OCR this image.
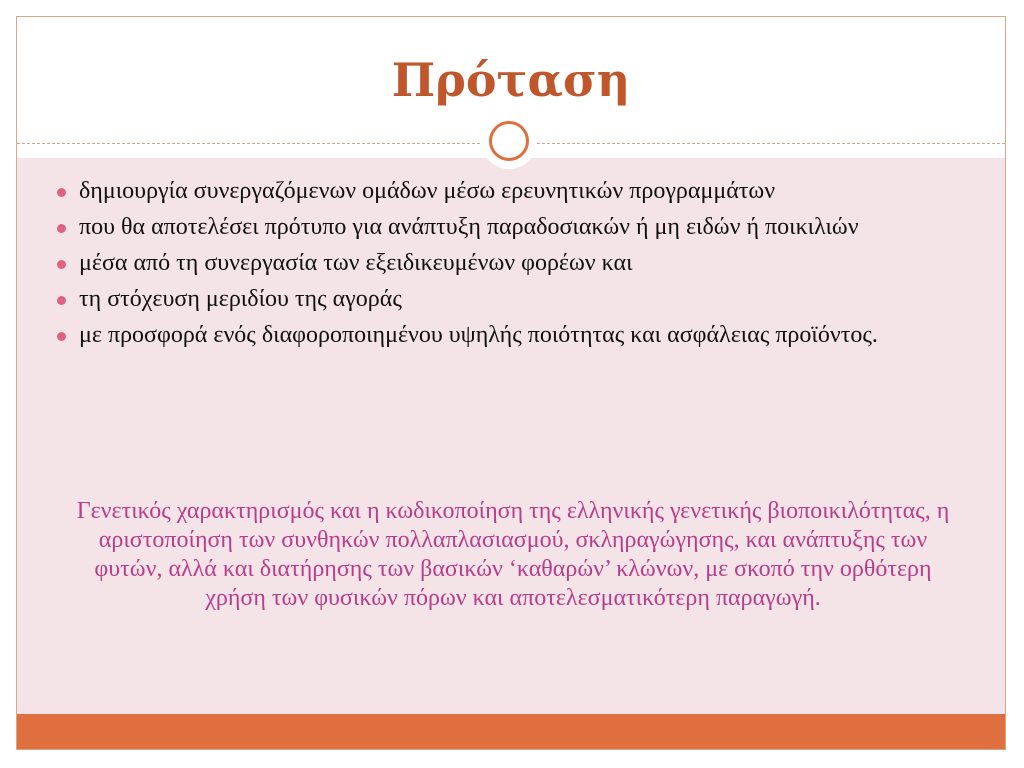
Πρόταση
δημιουργία συνεργαζόμενων ομάδων μέσω ερευνητικών προγραμμάτων
που θα αποτελέσει πρότυπο για ανάπτυξη παραδοσιακών ή μη ειδών ή ποικιλιών
μέσα από τη συνεργασία των εξειδικευμένων φορέων και
τη στόχευση μεριδίου της αγοράς
με προσφορά ενός διαφοροποιημένου υψηλής ποιότητας και ασφάλειας προϊόντος.

Γενετικός χαρακτηρισμός και η κωδικοποίηση της ελληνικής γενετικής βιοποικιλότητας, η αριστοποίηση των συνθηκών πολλαπλασιασμού, σκληραγώγησης, και ανάπτυξης των φυτών, αλλά και διατήρησης των βασικών ‘καθαρών’ κλώνων, με σκοπό την ορθότερη χρήση των φυσικών πόρων και αποτελεσματικότερη παραγωγή.
